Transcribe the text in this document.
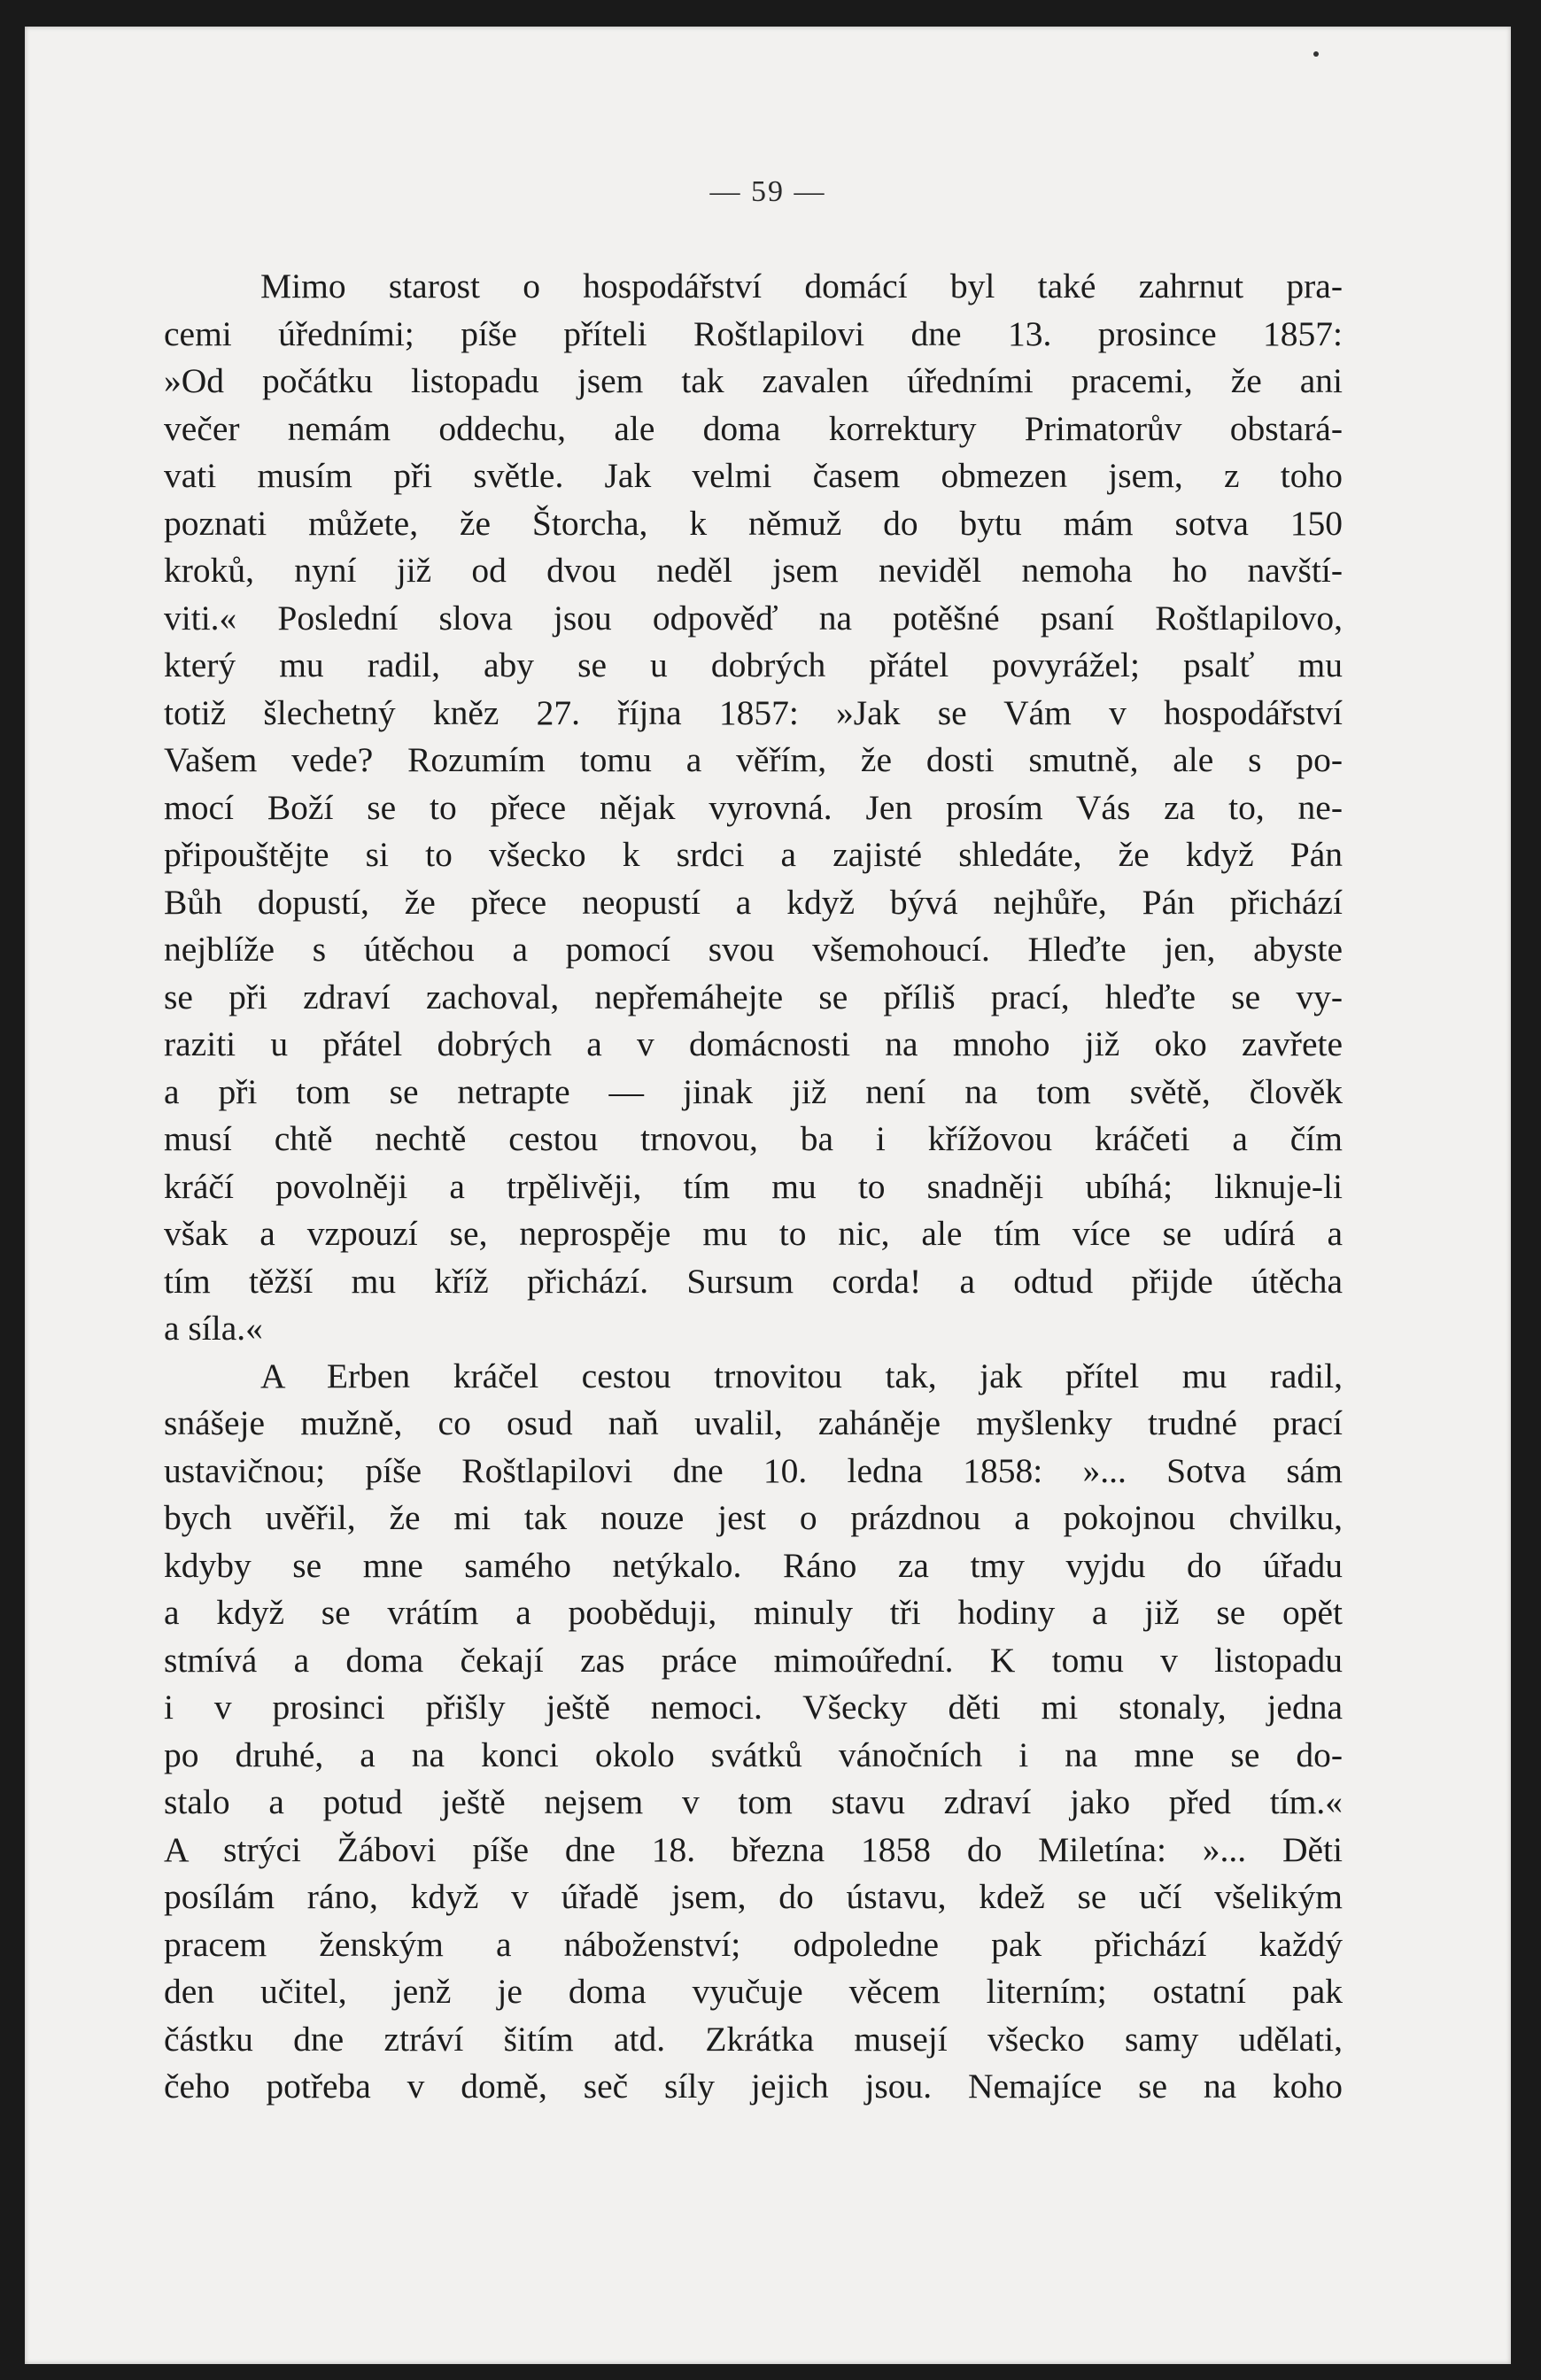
— 59 —
Mimo starost o hospodářství domácí byl také zahrnut pra-
cemi úředními; píše příteli Roštlapilovi dne 13. prosince 1857:
»Od počátku listopadu jsem tak zavalen úředními pracemi, že ani
večer nemám oddechu, ale doma korrektury Primatorův obstará-
vati musím při světle. Jak velmi časem obmezen jsem, z toho
poznati můžete, že Štorcha, k němuž do bytu mám sotva 150
kroků, nyní již od dvou neděl jsem neviděl nemoha ho navští-
viti.« Poslední slova jsou odpověď na potěšné psaní Roštlapilovo,
který mu radil, aby se u dobrých přátel povyrážel; psalť mu
totiž šlechetný kněz 27. října 1857: »Jak se Vám v hospodářství
Vašem vede? Rozumím tomu a věřím, že dosti smutně, ale s po-
mocí Boží se to přece nějak vyrovná. Jen prosím Vás za to, ne-
připouštějte si to všecko k srdci a zajisté shledáte, že když Pán
Bůh dopustí, že přece neopustí a když bývá nejhůře, Pán přichází
nejblíže s útěchou a pomocí svou všemohoucí. Hleďte jen, abyste
se při zdraví zachoval, nepřemáhejte se příliš prací, hleďte se vy-
raziti u přátel dobrých a v domácnosti na mnoho již oko zavřete
a při tom se netrapte — jinak již není na tom světě, člověk
musí chtě nechtě cestou trnovou, ba i křížovou kráčeti a čím
kráčí povolněji a trpělivěji, tím mu to snadněji ubíhá; liknuje-li
však a vzpouzí se, neprospěje mu to nic, ale tím více se udírá a
tím těžší mu kříž přichází. Sursum corda! a odtud přijde útěcha
a síla.«
A Erben kráčel cestou trnovitou tak, jak přítel mu radil,
snášeje mužně, co osud naň uvalil, zaháněje myšlenky trudné prací
ustavičnou; píše Roštlapilovi dne 10. ledna 1858: »... Sotva sám
bych uvěřil, že mi tak nouze jest o prázdnou a pokojnou chvilku,
kdyby se mne samého netýkalo. Ráno za tmy vyjdu do úřadu
a když se vrátím a pooběduji, minuly tři hodiny a již se opět
stmívá a doma čekají zas práce mimoúřední. K tomu v listopadu
i v prosinci přišly ještě nemoci. Všecky děti mi stonaly, jedna
po druhé, a na konci okolo svátků vánočních i na mne se do-
stalo a potud ještě nejsem v tom stavu zdraví jako před tím.«
A strýci Žábovi píše dne 18. března 1858 do Miletína: »... Děti
posílám ráno, když v úřadě jsem, do ústavu, kdež se učí všelikým
pracem ženským a náboženství; odpoledne pak přichází každý
den učitel, jenž je doma vyučuje věcem literním; ostatní pak
částku dne ztráví šitím atd. Zkrátka musejí všecko samy udělati,
čeho potřeba v domě, seč síly jejich jsou. Nemajíce se na koho
